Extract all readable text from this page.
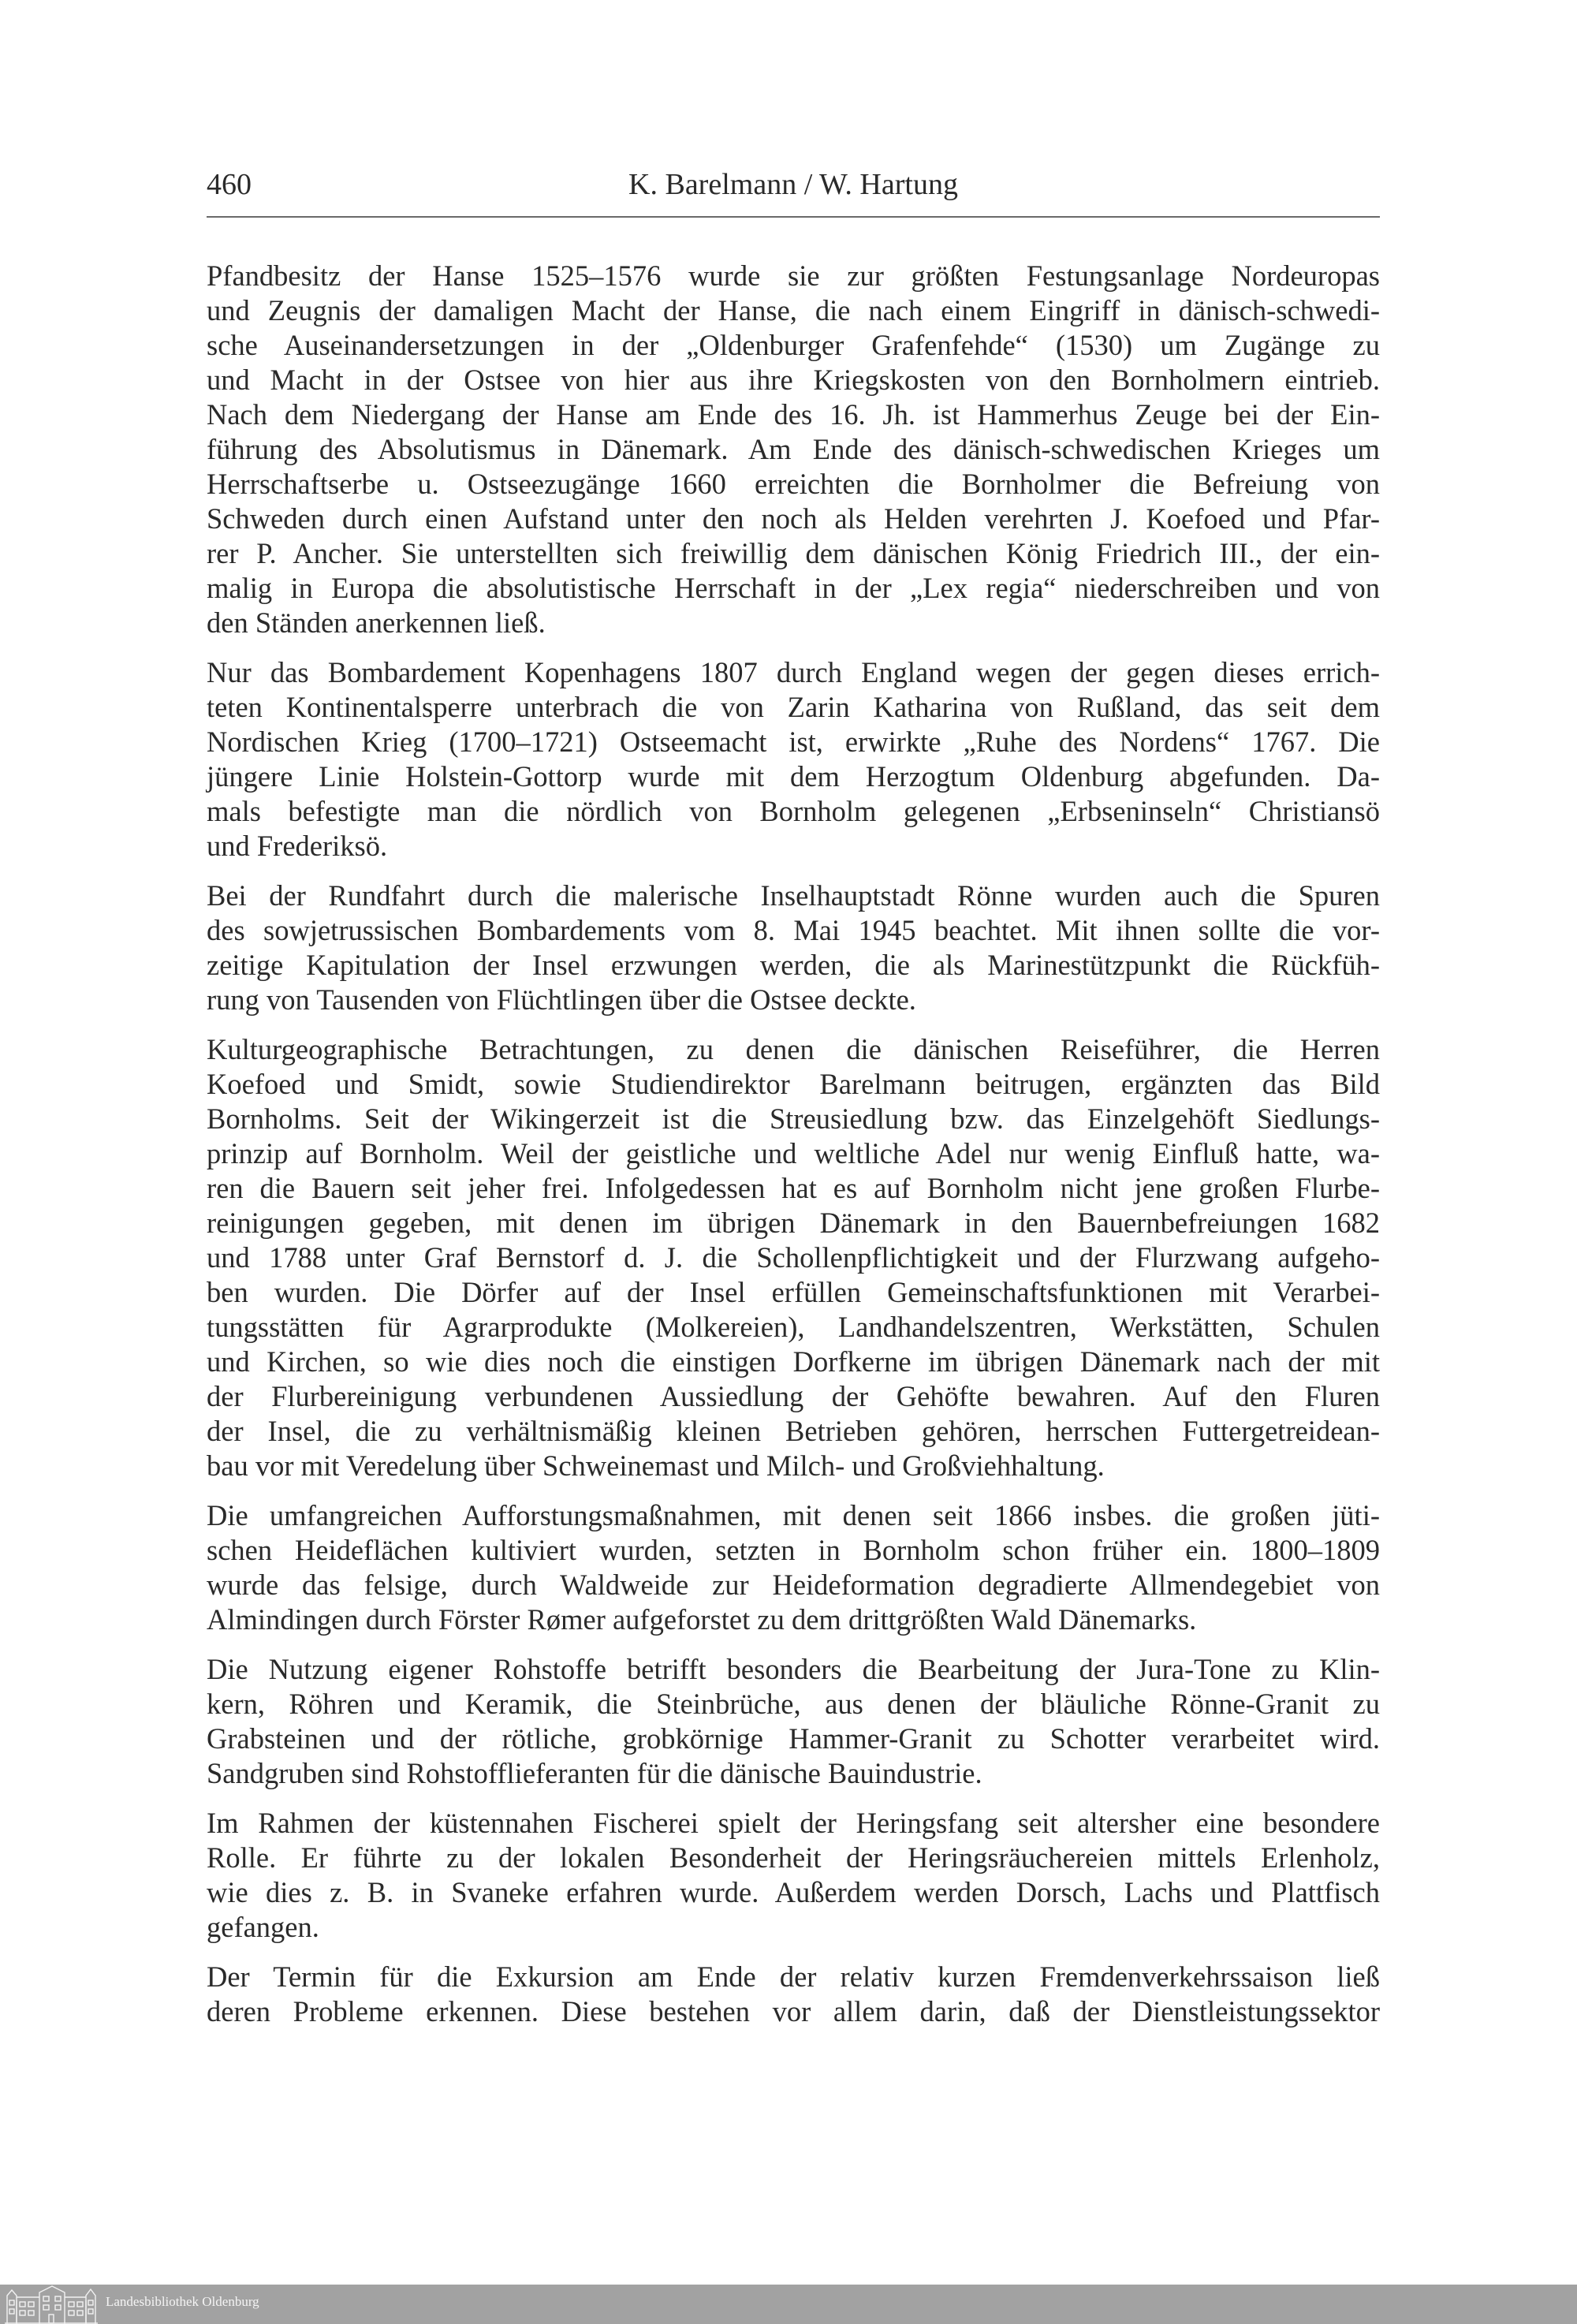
460	K. Barelmann / W. Hartung
Pfandbesitz der Hanse 1525–1576 wurde sie zur größten Festungsanlage Nordeuropas
und Zeugnis der damaligen Macht der Hanse, die nach einem Eingriff in dänisch-schwedi-
sche Auseinandersetzungen in der „Oldenburger Grafenfehde“ (1530) um Zugänge zu
und Macht in der Ostsee von hier aus ihre Kriegskosten von den Bornholmern eintrieb.
Nach dem Niedergang der Hanse am Ende des 16. Jh. ist Hammerhus Zeuge bei der Ein-
führung des Absolutismus in Dänemark. Am Ende des dänisch-schwedischen Krieges um
Herrschaftserbe u. Ostseezugänge 1660 erreichten die Bornholmer die Befreiung von
Schweden durch einen Aufstand unter den noch als Helden verehrten J. Koefoed und Pfar-
rer P. Ancher. Sie unterstellten sich freiwillig dem dänischen König Friedrich III., der ein-
malig in Europa die absolutistische Herrschaft in der „Lex regia“ niederschreiben und von
den Ständen anerkennen ließ.
Nur das Bombardement Kopenhagens 1807 durch England wegen der gegen dieses errich-
teten Kontinentalsperre unterbrach die von Zarin Katharina von Rußland, das seit dem
Nordischen Krieg (1700–1721) Ostseemacht ist, erwirkte „Ruhe des Nordens“ 1767. Die
jüngere Linie Holstein-Gottorp wurde mit dem Herzogtum Oldenburg abgefunden. Da-
mals befestigte man die nördlich von Bornholm gelegenen „Erbseninseln“ Christiansö
und Frederiksö.
Bei der Rundfahrt durch die malerische Inselhauptstadt Rönne wurden auch die Spuren
des sowjetrussischen Bombardements vom 8. Mai 1945 beachtet. Mit ihnen sollte die vor-
zeitige Kapitulation der Insel erzwungen werden, die als Marinestützpunkt die Rückfüh-
rung von Tausenden von Flüchtlingen über die Ostsee deckte.
Kulturgeographische Betrachtungen, zu denen die dänischen Reiseführer, die Herren
Koefoed und Smidt, sowie Studiendirektor Barelmann beitrugen, ergänzten das Bild
Bornholms. Seit der Wikingerzeit ist die Streusiedlung bzw. das Einzelgehöft Siedlungs-
prinzip auf Bornholm. Weil der geistliche und weltliche Adel nur wenig Einfluß hatte, wa-
ren die Bauern seit jeher frei. Infolgedessen hat es auf Bornholm nicht jene großen Flurbe-
reinigungen gegeben, mit denen im übrigen Dänemark in den Bauernbefreiungen 1682
und 1788 unter Graf Bernstorf d. J. die Schollenpflichtigkeit und der Flurzwang aufgeho-
ben wurden. Die Dörfer auf der Insel erfüllen Gemeinschaftsfunktionen mit Verarbei-
tungsstätten für Agrarprodukte (Molkereien), Landhandelszentren, Werkstätten, Schulen
und Kirchen, so wie dies noch die einstigen Dorfkerne im übrigen Dänemark nach der mit
der Flurbereinigung verbundenen Aussiedlung der Gehöfte bewahren. Auf den Fluren
der Insel, die zu verhältnismäßig kleinen Betrieben gehören, herrschen Futtergetreidean-
bau vor mit Veredelung über Schweinemast und Milch- und Großviehhaltung.
Die umfangreichen Aufforstungsmaßnahmen, mit denen seit 1866 insbes. die großen jüti-
schen Heideflächen kultiviert wurden, setzten in Bornholm schon früher ein. 1800–1809
wurde das felsige, durch Waldweide zur Heideformation degradierte Allmendegebiet von
Almindingen durch Förster Rømer aufgeforstet zu dem drittgrößten Wald Dänemarks.
Die Nutzung eigener Rohstoffe betrifft besonders die Bearbeitung der Jura-Tone zu Klin-
kern, Röhren und Keramik, die Steinbrüche, aus denen der bläuliche Rönne-Granit zu
Grabsteinen und der rötliche, grobkörnige Hammer-Granit zu Schotter verarbeitet wird.
Sandgruben sind Rohstofflieferanten für die dänische Bauindustrie.
Im Rahmen der küstennahen Fischerei spielt der Heringsfang seit altersher eine besondere
Rolle. Er führte zu der lokalen Besonderheit der Heringsräuchereien mittels Erlenholz,
wie dies z. B. in Svaneke erfahren wurde. Außerdem werden Dorsch, Lachs und Plattfisch
gefangen.
Der Termin für die Exkursion am Ende der relativ kurzen Fremdenverkehrssaison ließ
deren Probleme erkennen. Diese bestehen vor allem darin, daß der Dienstleistungssektor
Landesbibliothek Oldenburg
